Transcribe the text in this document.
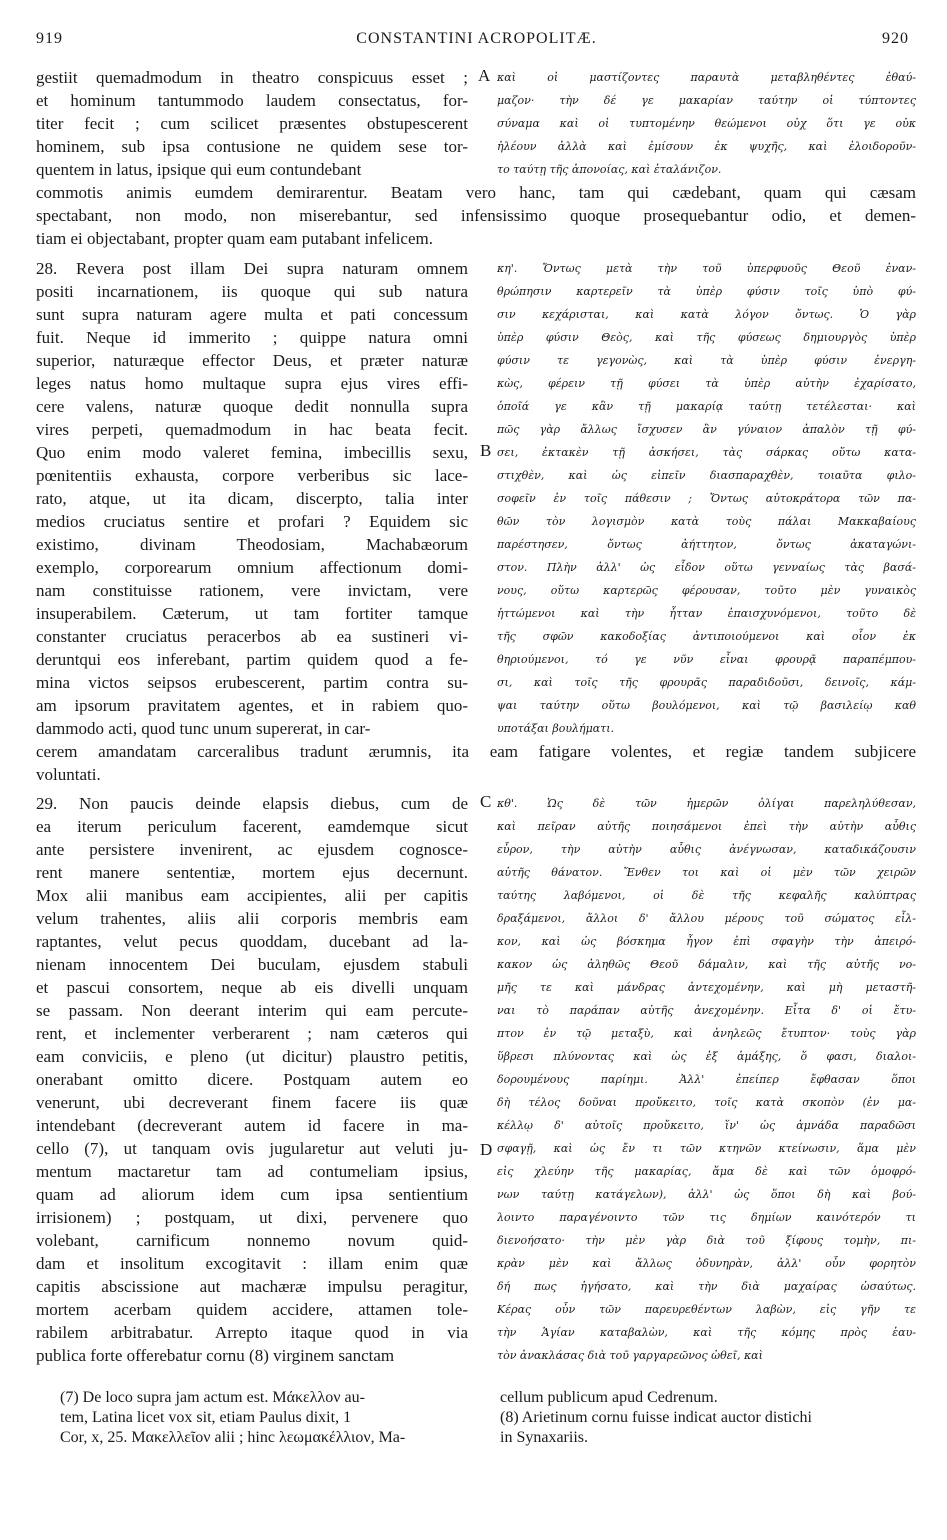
919	CONSTANTINI ACROPOLITÆ.	920
gestiit quemadmodum in theatro conspicuus esset ;
et hominum tantummodo laudem consectatus, for-
titer fecit ; cum scilicet præsentes obstupescerent
hominem, sub ipsa contusione ne quidem sese tor-
quentem in latus, ipsique qui eum contundebant
A καὶ οἱ μαστίζοντες παραυτὰ μεταβληθέντες ἐθαύ-
μαζον· τὴν δέ γε μακαρίαν ταύτην οἱ τύπτοντες
σύναμα καὶ οἱ τυπτομένην θεώμενοι οὐχ ὅτι γε οὐκ
ἠλέουν ἀλλὰ καὶ ἐμίσουν ἐκ ψυχῆς, καὶ ἐλοιδοροῦν-
το ταύτῃ τῆς ἀπονοίας, καὶ ἐταλάνιζον.
commotis animis eumdem demirarentur. Beatam vero hanc, tam qui cædebant, quam qui cæsam
spectabant, non modo, non miserebantur, sed infensissimo quoque prosequebantur odio, et demen-
tiam ei objectabant, propter quam eam putabant infelicem.
28. Revera post illam Dei supra naturam omnem
positi incarnationem, iis quoque qui sub natura
sunt supra naturam agere multa et pati concessum
fuit. Neque id immerito ; quippe natura omni
superior, naturæque effector Deus, et præter naturæ
leges natus homo multaque supra ejus vires effi-
cere valens, naturæ quoque dedit nonnulla supra
vires perpeti, quemadmodum in hac beata fecit.
Quo enim modo valeret femina, imbecillis sexu,
pœnitentiis exhausta, corpore verberibus sic lace-
rato, atque, ut ita dicam, discerpto, talia inter
medios cruciatus sentire et profari ? Equidem sic
existimo, divinam Theodosiam, Machabæorum
exemplo, corporearum omnium affectionum domi-
nam constituisse rationem, vere invictam, vere
insuperabilem. Cæterum, ut tam fortiter tamque
constanter cruciatus peracerbos ab ea sustineri vi-
deruntqui eos inferebant, partim quidem quod a fe-
mina victos seipsos erubescerent, partim contra su-
am ipsorum pravitatem agentes, et in rabiem quo-
dammodo acti, quod tunc unum supererat, in car-
B
κη'. Ὄντως μετὰ τὴν τοῦ ὑπερφυοῦς Θεοῦ ἐναν-
θρώπησιν καρτερεῖν τὰ ὑπὲρ φύσιν τοῖς ὑπὸ φύ-
σιν κεχάρισται, καὶ κατὰ λόγον ὄντως. Ὁ γὰρ
ὑπὲρ φύσιν Θεὸς, καὶ τῆς φύσεως δημιουργὸς ὑπὲρ
φύσιν τε γεγονὼς, καὶ τὰ ὑπὲρ φύσιν ἐνεργη-
κὼς, φέρειν τῇ φύσει τὰ ὑπὲρ αὐτὴν ἐχαρίσατο,
ὁποῖά γε κἂν τῇ μακαρίᾳ ταύτῃ τετέλεσται· καὶ
πῶς γὰρ ἄλλως ἴσχυσεν ἂν γύναιον ἀπαλὸν τῇ φύ-
σει, ἐκτακὲν τῇ ἀσκήσει, τὰς σάρκας οὕτω κατα-
στιχθὲν, καὶ ὡς εἰπεῖν διασπαραχθὲν, τοιαῦτα φιλο-
σοφεῖν ἐν τοῖς πάθεσιν ; Ὄντως αὐτοκράτορα τῶν πα-
θῶν τὸν λογισμὸν κατὰ τοὺς πάλαι Μακκαβαίους
παρέστησεν, ὄντως ἀήττητον, ὄντως ἀκαταγώνι-
στον. Πλὴν ἀλλ' ὡς εἶδον οὕτω γενναίως τὰς βασά-
νους, οὕτω καρτερῶς φέρουσαν, τοῦτο μὲν γυναικὸς
ἡττώμενοι καὶ τὴν ἧτταν ἐπαισχυνόμενοι, τοῦτο δὲ
τῆς σφῶν κακοδοξίας ἀντιποιούμενοι καὶ οἷον ἐκ
θηριούμενοι, τό γε νῦν εἶναι φρουρᾷ παραπέμπου-
σι, καὶ τοῖς τῆς φρουρᾶς παραδιδοῦσι, δεινοῖς, κάμ-
ψαι ταύτην οὕτω βουλόμενοι, καὶ τῷ βασιλείῳ καθ
υποτάξαι βουλήματι.
cerem amandatam carceralibus tradunt ærumnis, ita eam fatigare volentes, et regiæ tandem subjicere
voluntati.
29. Non paucis deinde elapsis diebus, cum de
ea iterum periculum facerent, eamdemque sicut
ante persistere invenirent, ac ejusdem cognosce-
rent manere sententiæ, mortem ejus decernunt.
Mox alii manibus eam accipientes, alii per capitis
velum trahentes, aliis alii corporis membris eam
raptantes, velut pecus quoddam, ducebant ad la-
nienam innocentem Dei buculam, ejusdem stabuli
et pascui consortem, neque ab eis divelli unquam
se passam. Non deerant interim qui eam percute-
rent, et inclementer verberarent ; nam cæteros qui
eam conviciis, e pleno (ut dicitur) plaustro petitis,
onerabant omitto dicere. Postquam autem eo
venerunt, ubi decreverant finem facere iis quæ
intendebant (decreverant autem id facere in ma-
cello (7), ut tanquam ovis jugularetur aut veluti ju-
mentum mactaretur tam ad contumeliam ipsius,
quam ad aliorum idem cum ipsa sentientium
irrisionem) ; postquam, ut dixi, pervenere quo
volebant, carnificum nonnemo novum quid-
dam et insolitum excogitavit : illam enim quæ
capitis abscissione aut machæræ impulsu peragitur,
mortem acerbam quidem accidere, attamen tole-
rabilem arbitrabatur. Arrepto itaque quod in via
publica forte offerebatur cornu (8) virginem sanctam
C
D
κθ'. Ὡς δὲ τῶν ἡμερῶν ὀλίγαι παρεληλύθεσαν,
καὶ πεῖραν αὐτῆς ποιησάμενοι ἐπεὶ τὴν αὐτὴν αὖθις
εὗρον, τὴν αὐτὴν αὖθις ἀνέγνωσαν, καταδικάζουσιν
αὐτῆς θάνατον. Ἔνθεν τοι καὶ οἱ μὲν τῶν χειρῶν
ταύτης λαβόμενοι, οἱ δὲ τῆς κεφαλῆς καλύπτρας
δραξάμενοι, ἄλλοι δ' ἄλλου μέρους τοῦ σώματος εἷλ-
κον, καὶ ὡς βόσκημα ἦγον ἐπὶ σφαγὴν τὴν ἀπειρό-
κακον ὡς ἀληθῶς Θεοῦ δάμαλιν, καὶ τῆς αὐτῆς νο-
μῆς τε καὶ μάνδρας ἀντεχομένην, καὶ μὴ μεταστῆ-
ναι τὸ παράπαν αὐτῆς ἀνεχομένην. Εἶτα δ' οἱ ἔτυ-
πτον ἐν τῷ μεταξὺ, καὶ ἀνηλεῶς ἔτυπτον· τοὺς γὰρ
ὕβρεσι πλύνοντας καὶ ὡς ἐξ ἁμάξης, ὅ φασι, διαλοι-
δορουμένους παρίημι. Ἀλλ' ἐπείπερ ἔφθασαν ὅποι
δὴ τέλος δοῦναι προὔκειτο, τοῖς κατὰ σκοπὸν (ἐν μα-
κέλλῳ δ' αὐτοῖς προὔκειτο, ἵν' ὡς ἀμνάδα παραδῶσι
σφαγῇ, καὶ ὡς ἔν τι τῶν κτηνῶν κτείνωσιν, ἅμα μὲν
εἰς χλεύην τῆς μακαρίας, ἅμα δὲ καὶ τῶν ὁμοφρό-
νων ταύτῃ κατάγελων), ἀλλ' ὡς ὅποι δὴ καὶ βού-
λοιντο παραγένοιντο τῶν τις δημίων καινότερόν τι
διενοήσατο· τὴν μὲν γὰρ διὰ τοῦ ξίφους τομὴν, πι-
κρὰν μὲν καὶ ἄλλως ὀδυνηρὰν, ἀλλ' οὖν φορητὸν
δή πως ἡγήσατο, καὶ τὴν διὰ μαχαίρας ὡσαύτως.
Κέρας οὖν τῶν παρευρεθέντων λαβὼν, εἰς γῆν τε
τὴν Ἁγίαν καταβαλὼν, καὶ τῆς κόμης πρὸς ἑαυ-
τὸν ἀνακλάσας διὰ τοῦ γαργαρεῶνος ὠθεῖ, καὶ
(7) De loco supra jam actum est. Μάκελλον au-
tem, Latina licet vox sit, etiam Paulus dixit, 1
Cor, x, 25. Μακελλεῖον alii ; hinc λεωμακέλλιον, Ma-
cellum publicum apud Cedrenum.
(8) Arietinum cornu fuisse indicat auctor distichi
in Synaxariis.
